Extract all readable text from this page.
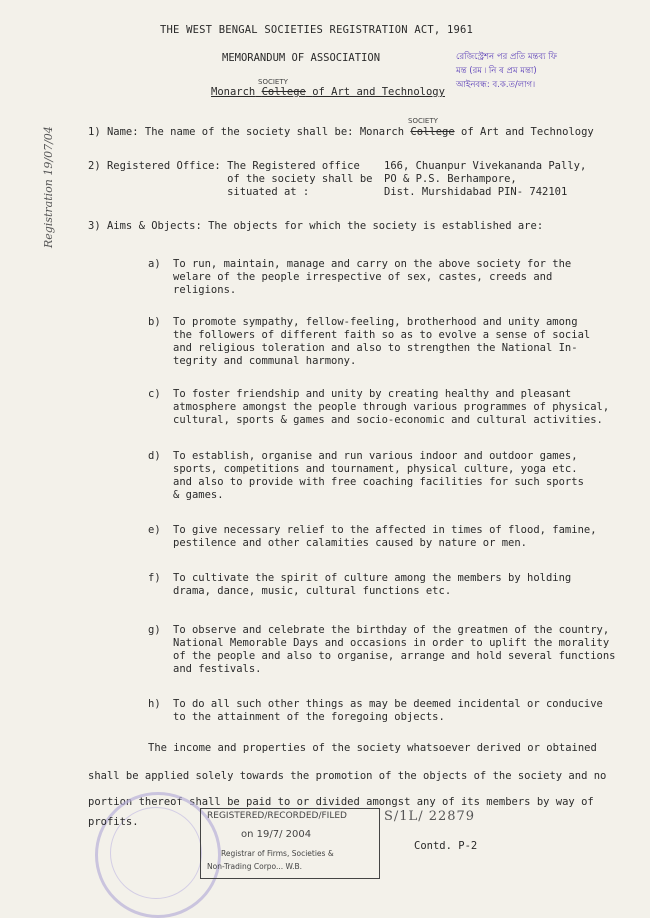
THE WEST BENGAL SOCIETIES REGISTRATION ACT, 1961
MEMORANDUM OF ASSOCIATION
SOCIETY
Monarch College of Art and Technology
রেজিস্ট্রেশন পর প্রতি মন্তব্য ফি
মন্ত (রম ৷ নি ৰ প্রম মন্তা)
আইনবন্ধ: ব.ক.ত/লাগ।
Registration 19/07/04
SOCIETY
1) Name: The name of the society shall be: Monarch College of Art and Technology
2) Registered Office: The Registered office
of the society shall be
situated at :
166, Chuanpur Vivekananda Pally,
PO & P.S. Berhampore,
Dist. Murshidabad PIN- 742101
3) Aims & Objects: The objects for which the society is established are:
a) To run, maintain, manage and carry on the above society for the
welare of the people irrespective of sex, castes, creeds and
religions.
b) To promote sympathy, fellow-feeling, brotherhood and unity among
the followers of different faith so as to evolve a sense of social
and religious toleration and also to strengthen the National In-
tegrity and communal harmony.
c) To foster friendship and unity by creating healthy and pleasant
atmosphere amongst the people through various programmes of physical,
cultural, sports & games and socio-economic and cultural activities.
d) To establish, organise and run various indoor and outdoor games,
sports, competitions and tournament, physical culture, yoga etc.
and also to provide with free coaching facilities for such sports
& games.
e) To give necessary relief to the affected in times of flood, famine,
pestilence and other calamities caused by nature or men.
f) To cultivate the spirit of culture among the members by holding
drama, dance, music, cultural functions etc.
g) To observe and celebrate the birthday of the greatmen of the country,
National Memorable Days and occasions in order to uplift the morality
of the people and also to organise, arrange and hold several functions
and festivals.
h) To do all such other things as may be deemed incidental or conducive
to the attainment of the foregoing objects.
The income and properties of the society whatsoever derived or obtained
shall be applied solely towards the promotion of the objects of the society and no
portion thereof shall be paid to or divided amongst any of its members by way of
profits.	REGISTERED/RECORDED/FILED
on 19/7/ 2004
Registrar of Firms, Societies &
Non-Trading Corpo... W.B.
S/1L/ 22879
Contd. P-2
